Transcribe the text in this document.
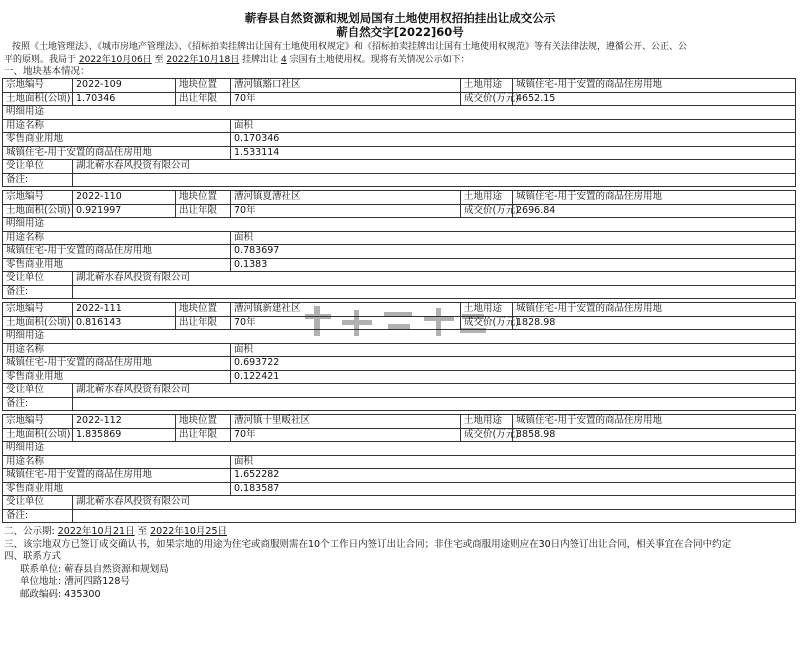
蕲春县自然资源和规划局国有土地使用权招拍挂出让成交公示
蕲自然交字[2022]60号
按照《土地管理法》、《城市房地产管理法》、《招标拍卖挂牌出让国有土地使用权规定》和《招标拍卖挂牌出让国有土地使用权规范》等有关法律法规，遵循公开、公正、公
平的原则。我局于 2022年10月06日 至 2022年10月18日 挂牌出让 4 宗国有土地使用权。现将有关情况公示如下：
一、地块基本情况：
宗地编号	2022-109	地块位置	漕河镇豁口社区	土地用途	城镇住宅-用于安置的商品住房用地
土地面积(公顷)	1.70346	出让年限	70年	成交价(万元)	4652.15
明细用途					
用途名称			面积		
零售商业用地			0.170346		
城镇住宅-用于安置的商品住房用地			1.533114		
受让单位	湖北蕲水春风投资有限公司				
备注:					
宗地编号	2022-110	地块位置	漕河镇夏漕社区	土地用途	城镇住宅-用于安置的商品住房用地
土地面积(公顷)	0.921997	出让年限	70年	成交价(万元)	2696.84
明细用途					
用途名称			面积		
城镇住宅-用于安置的商品住房用地			0.783697		
零售商业用地			0.1383		
受让单位	湖北蕲水春风投资有限公司				
备注:					
宗地编号	2022-111	地块位置	漕河镇新建社区	土地用途	城镇住宅-用于安置的商品住房用地
土地面积(公顷)	0.816143	出让年限	70年	成交价(万元)	1828.98
明细用途					
用途名称			面积		
城镇住宅-用于安置的商品住房用地			0.693722		
零售商业用地			0.122421		
受让单位	湖北蕲水春风投资有限公司				
备注:					
宗地编号	2022-112	地块位置	漕河镇十里畈社区	土地用途	城镇住宅-用于安置的商品住房用地
土地面积(公顷)	1.835869	出让年限	70年	成交价(万元)	3858.98
明细用途					
用途名称			面积		
城镇住宅-用于安置的商品住房用地			1.652282		
零售商业用地			0.183587		
受让单位	湖北蕲水春风投资有限公司				
备注:					
二、公示期: 2022年10月21日 至 2022年10月25日
三、该宗地双方已签订成交确认书，如果宗地的用途为住宅或商服则需在10个工作日内签订出让合同；非住宅或商服用途则应在30日内签订出让合同，相关事宜在合同中约定
四、联系方式
联系单位: 蕲春县自然资源和规划局
单位地址: 漕河四路128号
邮政编码: 435300
